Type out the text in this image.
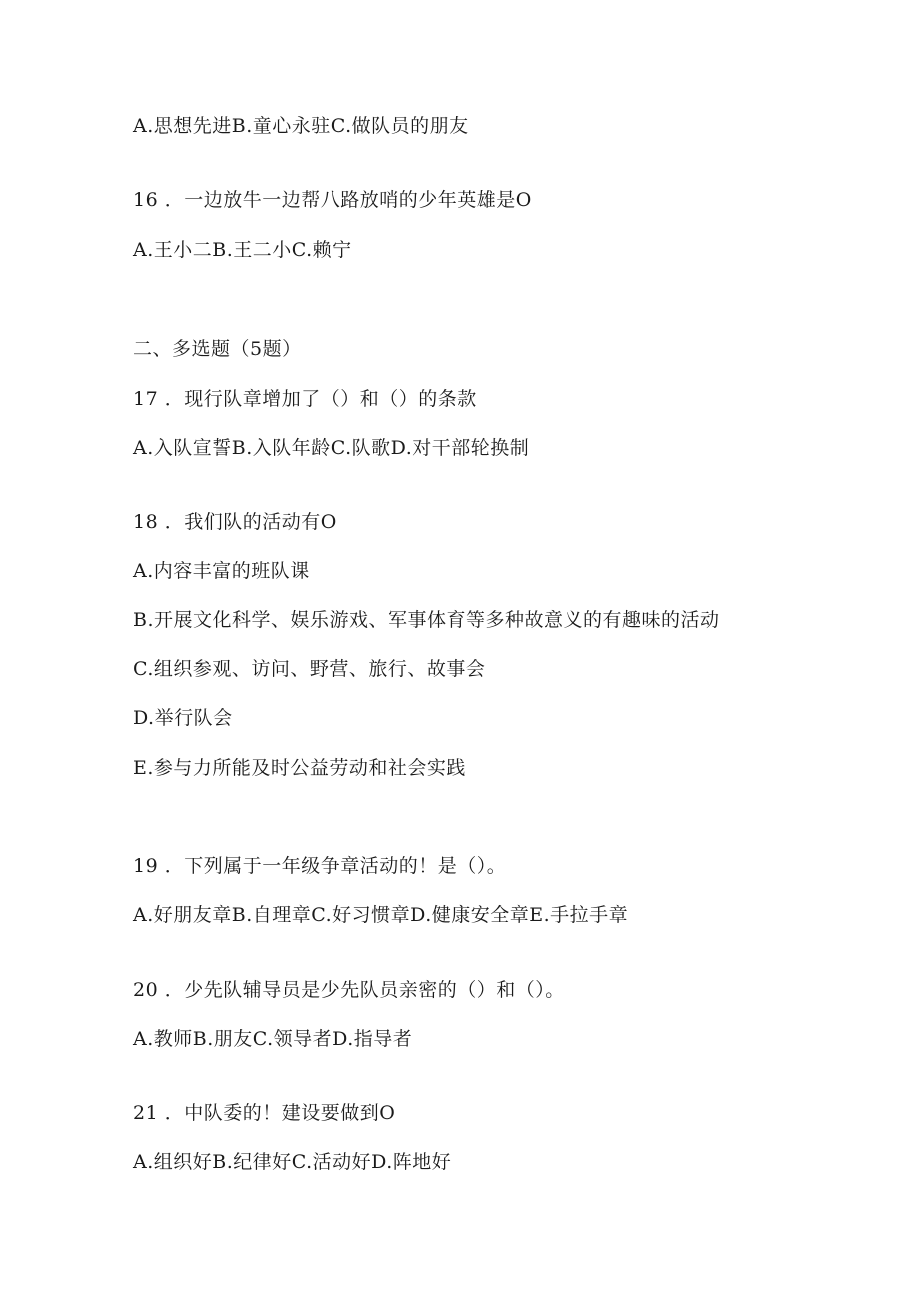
A.思想先进B.童心永驻C.做队员的朋友
16 ．一边放牛一边帮八路放哨的少年英雄是O
A.王小二B.王二小C.赖宁
二、多选题（5题）
17 ．现行队章增加了（）和（）的条款
A.入队宣誓B.入队年龄C.队歌D.对干部轮换制
18 ．我们队的活动有O
A.内容丰富的班队课
B.开展文化科学、娱乐游戏、军事体育等多种故意义的有趣味的活动
C.组织参观、访问、野营、旅行、故事会
D.举行队会
E.参与力所能及时公益劳动和社会实践
19 ．下列属于一年级争章活动的！是（）。
A.好朋友章B.自理章C.好习惯章D.健康安全章E.手拉手章
20 ．少先队辅导员是少先队员亲密的（）和（）。
A.教师B.朋友C.领导者D.指导者
21 ．中队委的！建设要做到O
A.组织好B.纪律好C.活动好D.阵地好
